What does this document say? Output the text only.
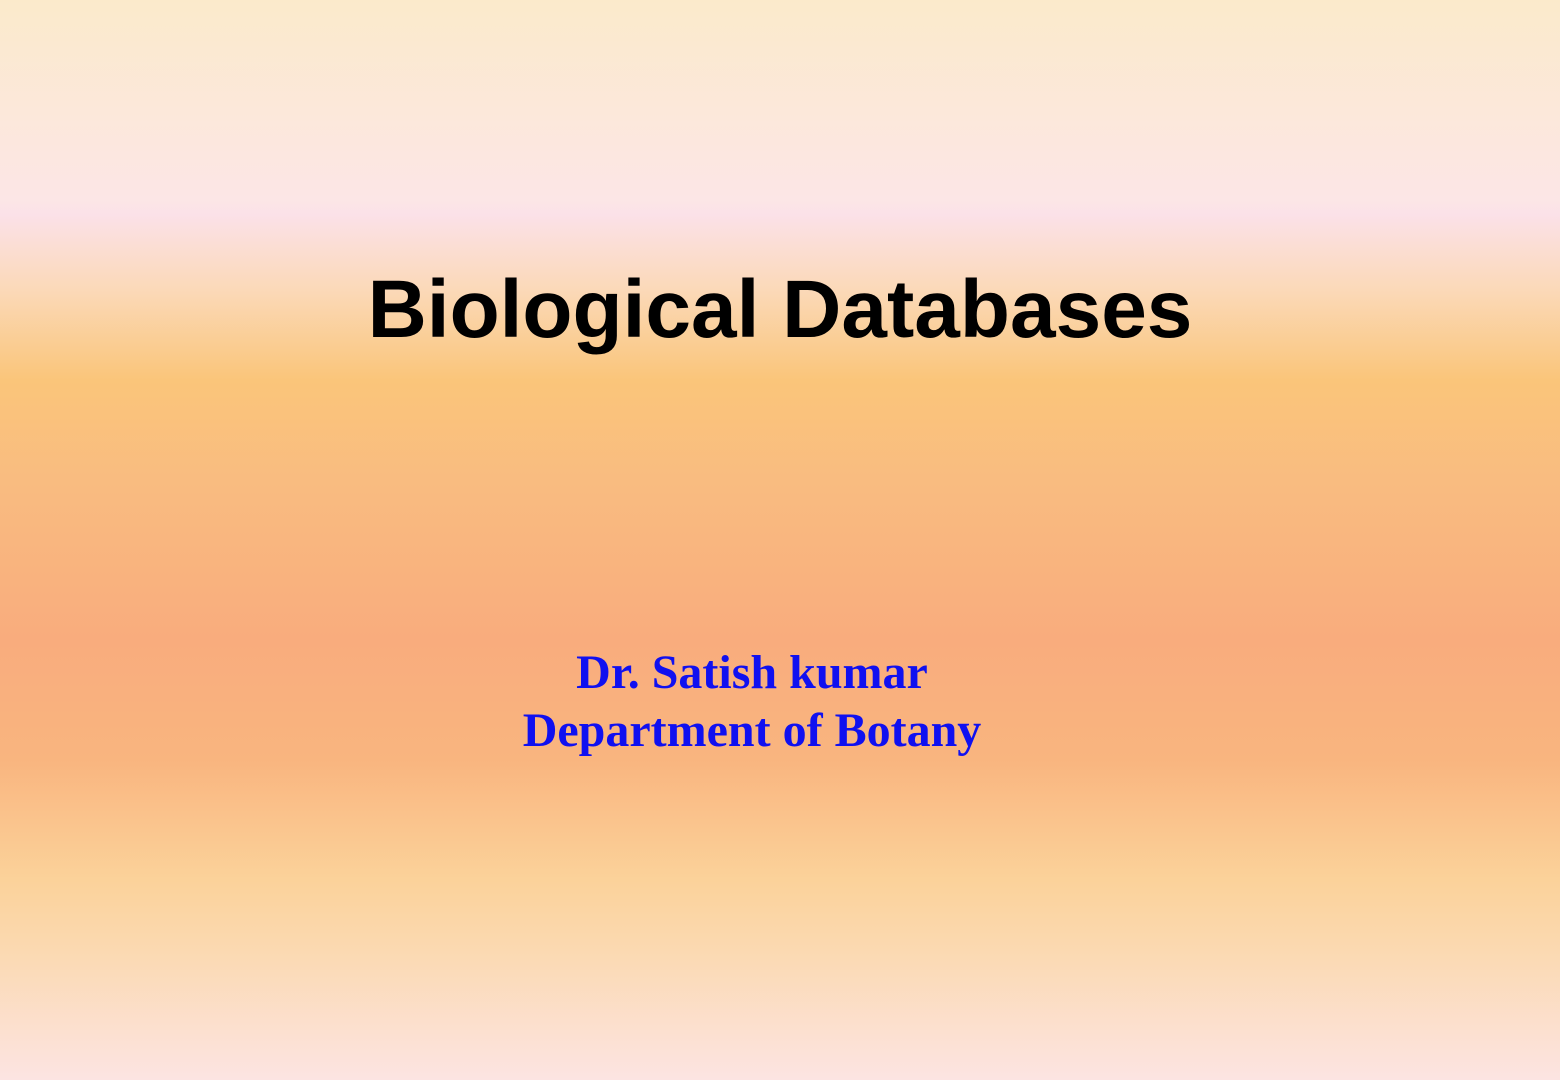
Biological Databases
Dr. Satish kumar
Department of Botany
